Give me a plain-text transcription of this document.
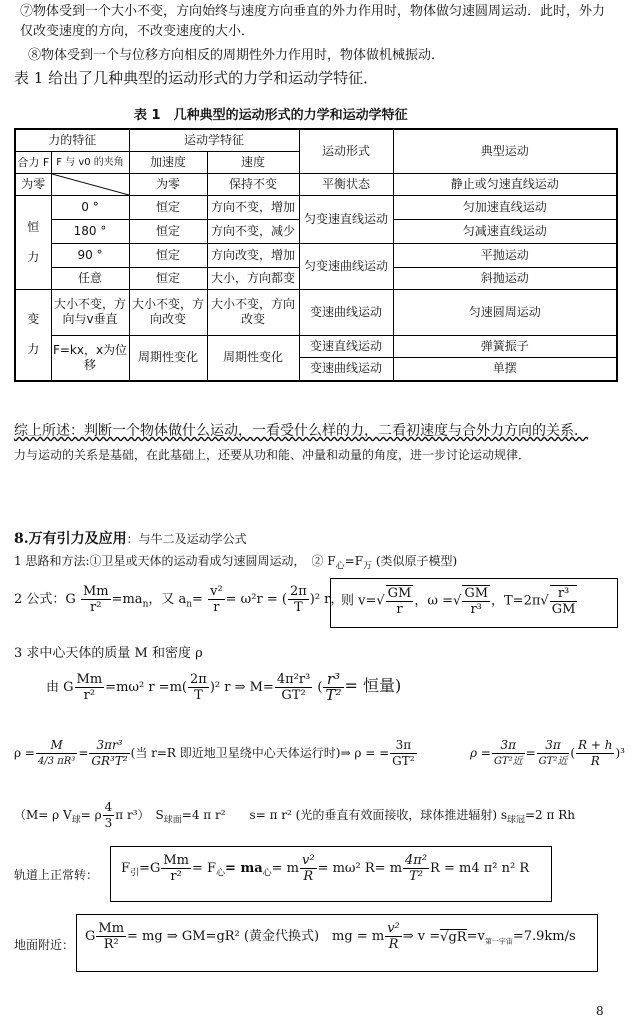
⑦物体受到一个大小不变，方向始终与速度方向垂直的外力作用时，物体做匀速圆周运动．此时，外力
仅改变速度的方向，不改变速度的大小．
⑧物体受到一个与位移方向相反的周期性外力作用时，物体做机械振动．
表 1 给出了几种典型的运动形式的力学和运动学特征．
表 1　几种典型的运动形式的力学和运动学特征
力的特征		运动学特征		运动形式	典型运动
合力 F	F 与 v0 的夹角	加速度	速度		
为零		为零	保持不变	平衡状态	静止或匀速直线运动
恒

力	0 °	恒定	方向不变，增加	匀变速直线运动	匀加速直线运动
	180 °	恒定	方向不变，减少		匀减速直线运动
	90 °	恒定	方向改变，增加	匀变速曲线运动	平抛运动
	任意	恒定	大小，方向都变		斜抛运动
变

力	大小不变，方向与v垂直	大小不变，方向改变	大小不变，方向改变	变速曲线运动	匀速圆周运动
	F=kx，x为位移	周期性变化	周期性变化	变速直线运动	弹簧振子
				变速曲线运动	单摆
综上所述：判断一个物体做什么运动，一看受什么样的力，二看初速度与合外力方向的关系．
力与运动的关系是基础，在此基础上，还要从功和能、冲量和动量的角度，进一步讨论运动规律．
8.万有引力及应用：与牛二及运动学公式
1 思路和方法:①卫星或天体的运动看成匀速圆周运动，　② $F_心=F_万$ (类似原子模型)
2 公式：G $\frac{Mm}{\text{r²}} =ma_n$，又 $a_n= \frac{\text{v²}}{r} = \omega^2r$ = ( $\frac{2\pi}{T} )^2$ r，
则 $v=√ \frac{GM}{r}$ ，ω =√ $\frac{GM}{\text{r³}}$ ，$T=2\pi√ \frac{\text{r³}}{GM}$
3 求中心天体的质量 M 和密度 ρ
由 G $\frac{Mm}{\text{r²}} =m\omega^2$ $r =m( \frac{2\pi}{T} )^2$ r ⇒ $M= \frac{\text{4π²r³}}{\text{GT²}}$ ( $\frac{\text{r³}}{\text{T²}}$ = 恒量)
$\rho = \frac{M}{\text{4/3 πR³}} = \frac{\text{3πr³}}{\text{GR³T²}}$ (当 r=R 即近地卫星绕中心天体运行时)⇒ ρ = = $\frac{3\pi}{\text{GT²}}$	$\rho = \frac{3\pi}{\text{GT²近}} = \frac{3\pi}{\text{GT²近}}$ ( $\frac{R + h}{R} )^3$
（M= ρ $V_球= \rho \frac{4}{3}$ π r³）　$S_{球面}=4$ π r²　　s= π r² (光的垂直有效面接收，球体推进辐射) $s_{球冠}=2$ π Rh
轨道上正常转： $F_引=G \frac{Mm}{\text{r²}} = F_心= ma_心= m \frac{\text{v²}}{R} = m\omega^2$ R= m $\frac{\text{4π²}}{\text{T²}}$ R = m4 π² n² R
地面附近：
G $\frac{Mm}{\text{R²}}$ = mg ⇒ GM=gR² (黄金代换式)　mg = m $\frac{\text{v²}}{R}$ ⇒ $v =√gR=v_{第一宇宙}=7.9km/s$
8
